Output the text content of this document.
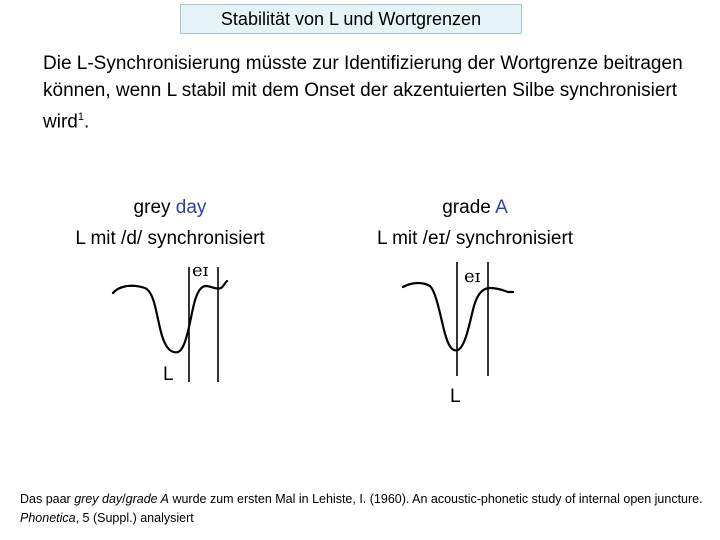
Stabilität von L und Wortgrenzen
Die L-Synchronisierung müsste zur Identifizierung der Wortgrenze beitragen können, wenn L stabil mit dem Onset der akzentuierten Silbe synchronisiert wird$^1$.
grey day
L mit /d/ synchronisiert
eɪ
L
grade A
L mit /eɪ/ synchronisiert
eɪ
L
Das paar grey day/grade A wurde zum ersten Mal in Lehiste, I. (1960). An acoustic-phonetic study of internal open juncture. Phonetica, 5 (Suppl.) analysiert
